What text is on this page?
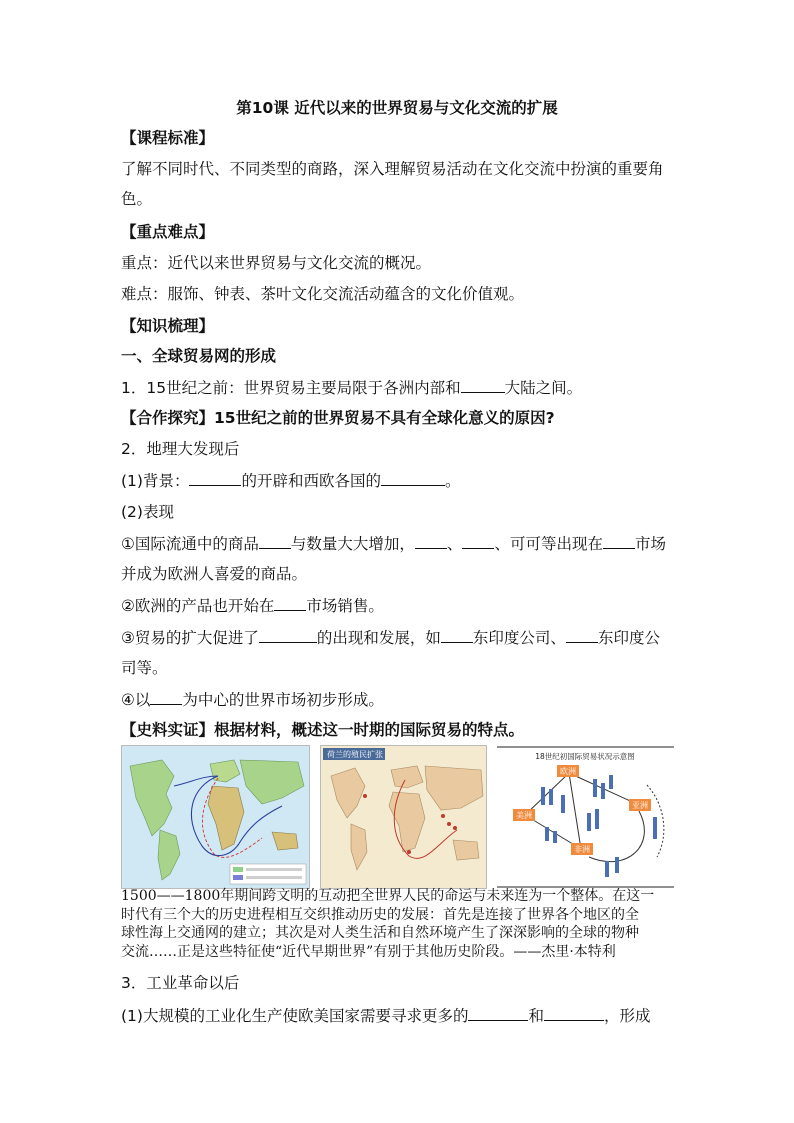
第10课 近代以来的世界贸易与文化交流的扩展
【课程标准】
了解不同时代、不同类型的商路，深入理解贸易活动在文化交流中扮演的重要角
色。
【重点难点】
重点：近代以来世界贸易与文化交流的概况。
难点：服饰、钟表、茶叶文化交流活动蕴含的文化价值观。
【知识梳理】
一、全球贸易网的形成
1．15世纪之前：世界贸易主要局限于各洲内部和	大陆之间。
【合作探究】15世纪之前的世界贸易不具有全球化意义的原因?
2．地理大发现后
(1)背景：	的开辟和西欧各国的	。
(2)表现
①国际流通中的商品 与数量大大增加， 、 、可可等出现在 市场
并成为欧洲人喜爱的商品。
②欧洲的产品也开始在 市场销售。
③贸易的扩大促进了	的出现和发展，如 东印度公司、 东印度公
司等。
④以 为中心的世界市场初步形成。
【史料实证】根据材料，概述这一时期的国际贸易的特点。
荷兰的殖民扩张	18世纪初国际贸易状况示意图
欧洲
亚洲
美洲
非洲
1500——1800年期间跨文明的互动把全世界人民的命运与未来连为一个整体。在这一
时代有三个大的历史进程相互交织推动历史的发展：首先是连接了世界各个地区的全
球性海上交通网的建立；其次是对人类生活和自然环境产生了深深影响的全球的物种
交流……正是这些特征使“近代早期世界”有别于其他历史阶段。——杰里·本特利
3．工业革命以后
(1)大规模的工业化生产使欧美国家需要寻求更多的	和	，形成
